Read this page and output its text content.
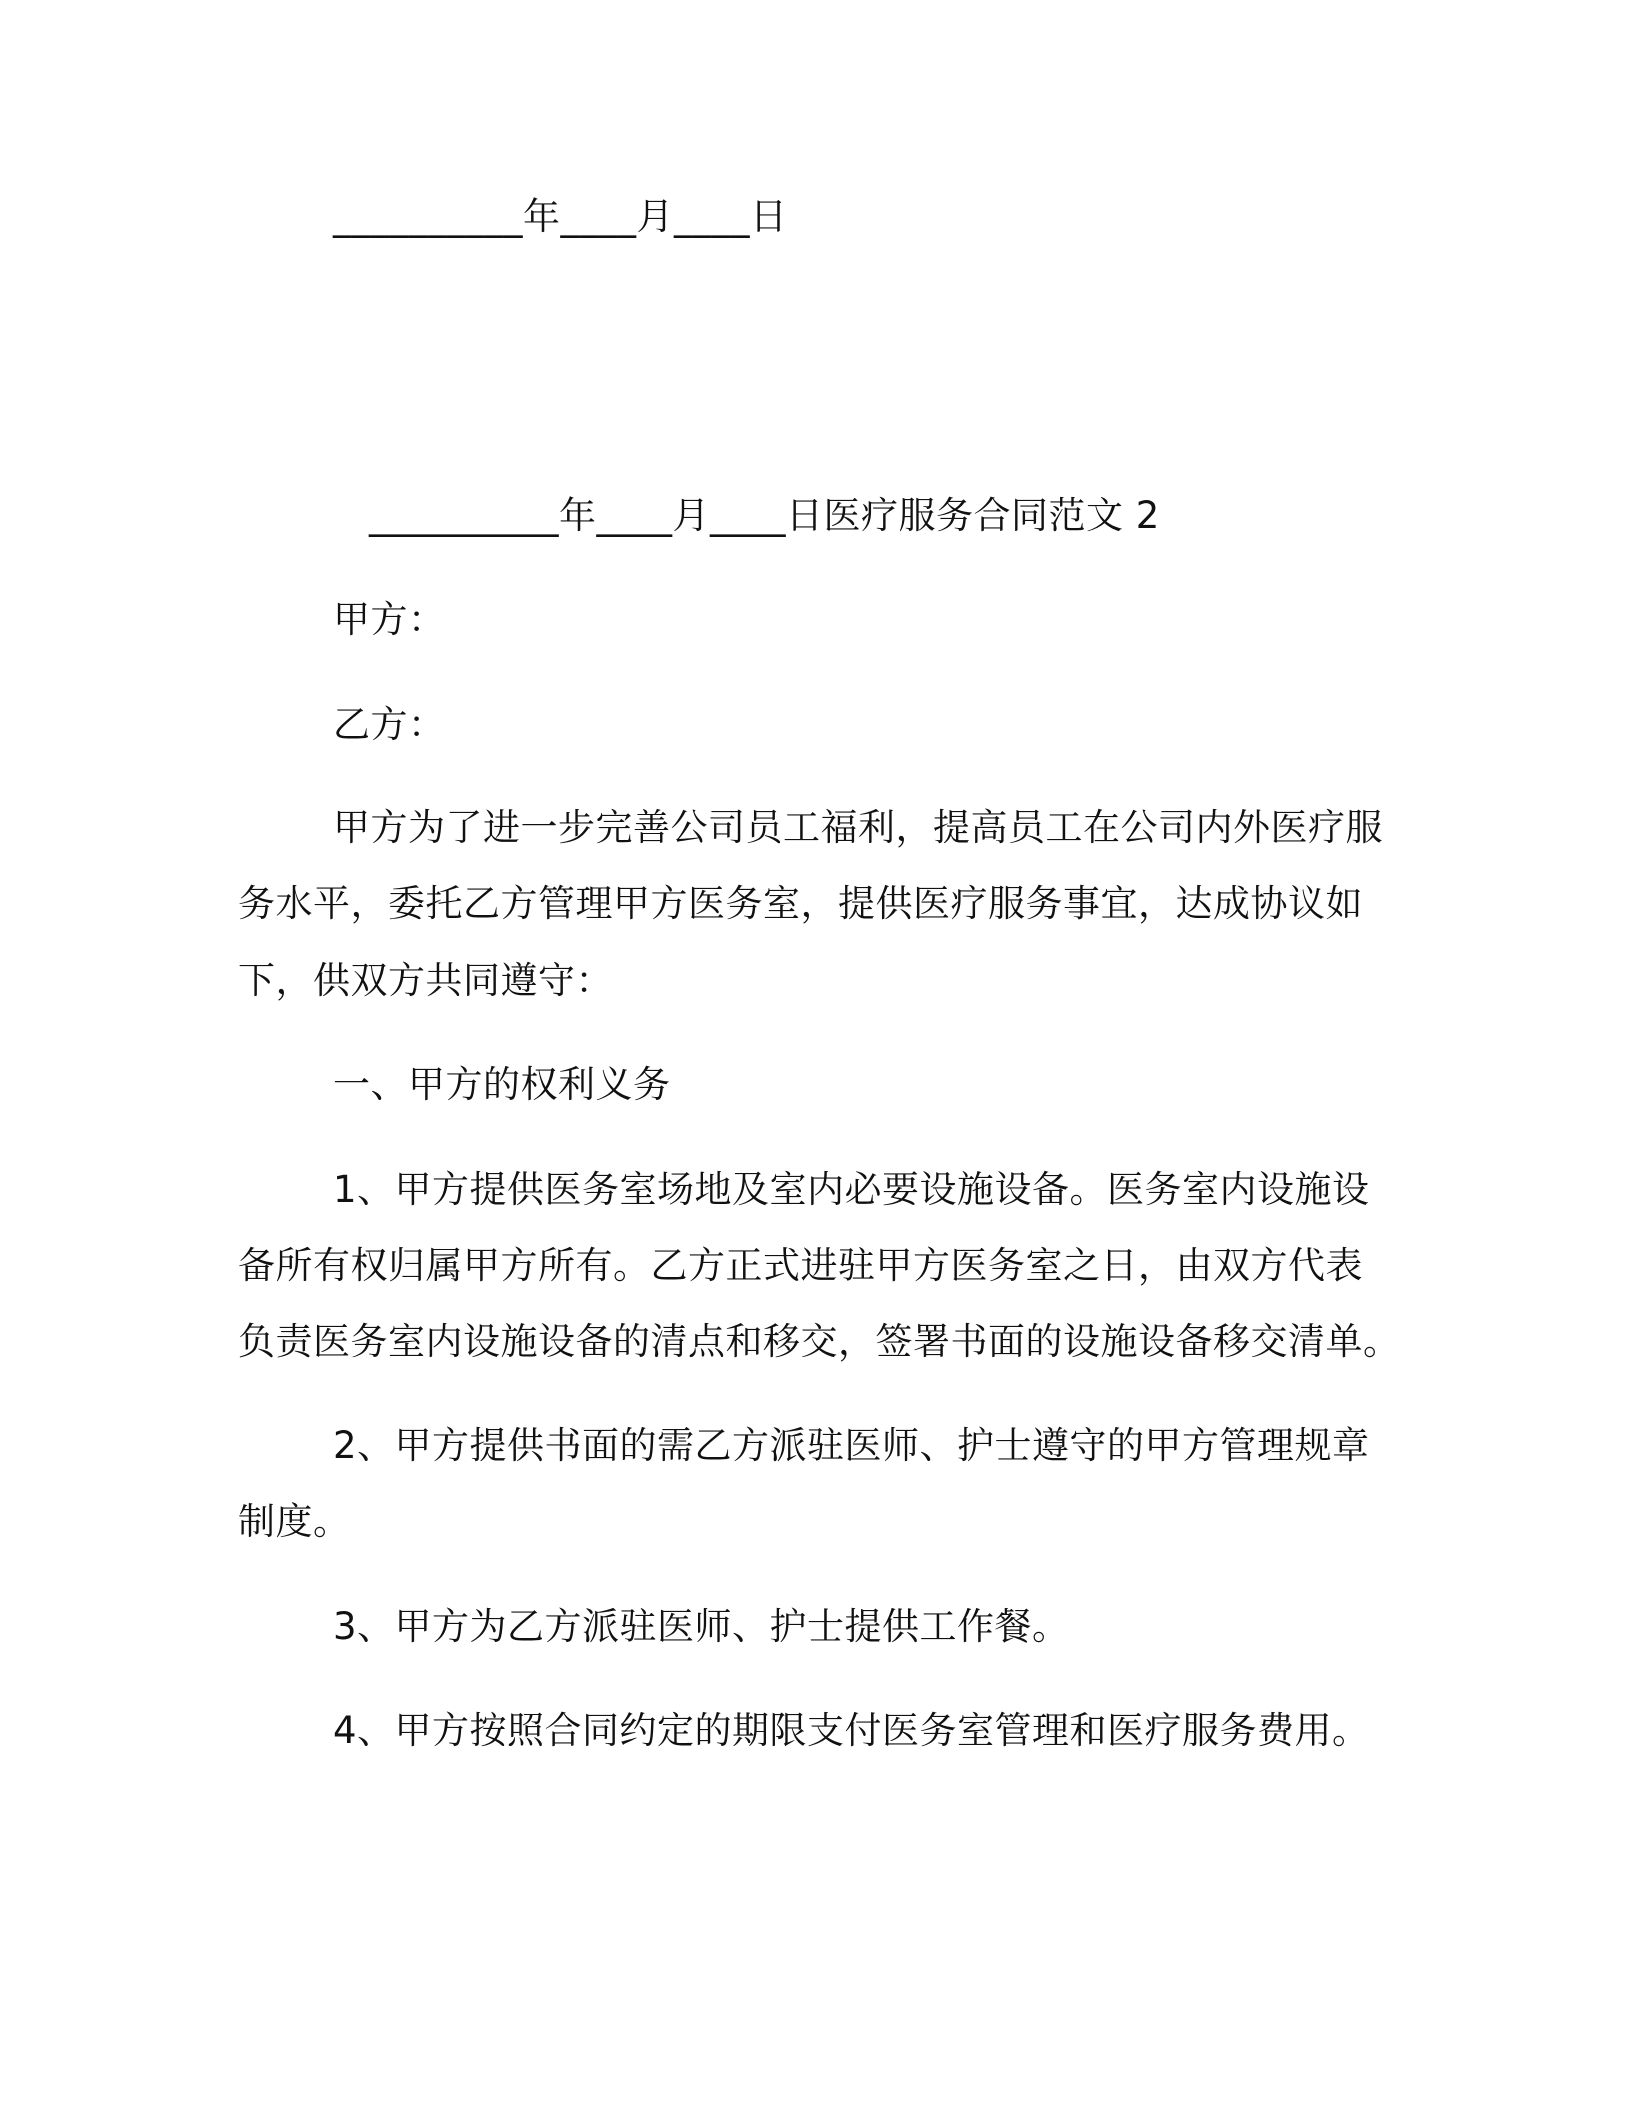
__________年____月____日
__________年____月____日医疗服务合同范文 2
甲方：
乙方：
甲方为了进一步完善公司员工福利，提高员工在公司内外医疗服
务水平，委托乙方管理甲方医务室，提供医疗服务事宜，达成协议如
下，供双方共同遵守：
一、甲方的权利义务
1、甲方提供医务室场地及室内必要设施设备。医务室内设施设
备所有权归属甲方所有。乙方正式进驻甲方医务室之日，由双方代表
负责医务室内设施设备的清点和移交，签署书面的设施设备移交清单。
2、甲方提供书面的需乙方派驻医师、护士遵守的甲方管理规章
制度。
3、甲方为乙方派驻医师、护士提供工作餐。
4、甲方按照合同约定的期限支付医务室管理和医疗服务费用。
